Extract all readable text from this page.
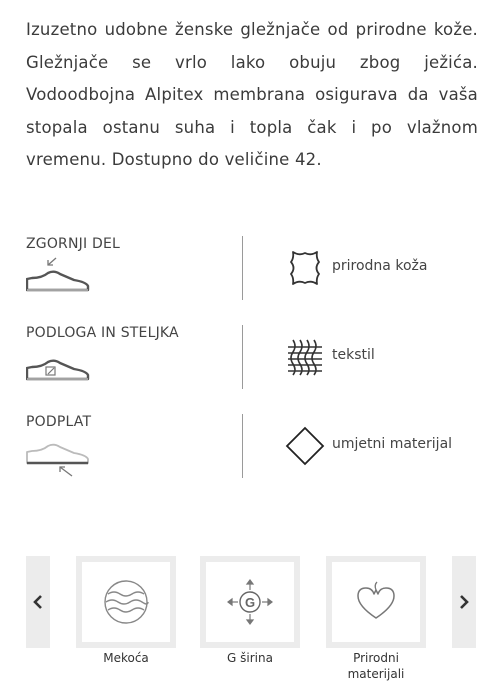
Izuzetno udobne ženske gležnjače od prirodne kože. Gležnjače se vrlo lako obuju zbog ježića. Vodoodbojna Alpitex membrana osigurava da vaša stopala ostanu suha i topla čak i po vlažnom vremenu. Dostupno do veličine 42.

ZGORNJI DEL
prirodna koža
PODLOGA IN STELJKA
tekstil
PODPLAT
umjetni materijal
Mekoća
G
G širina	Prirodni materijali
